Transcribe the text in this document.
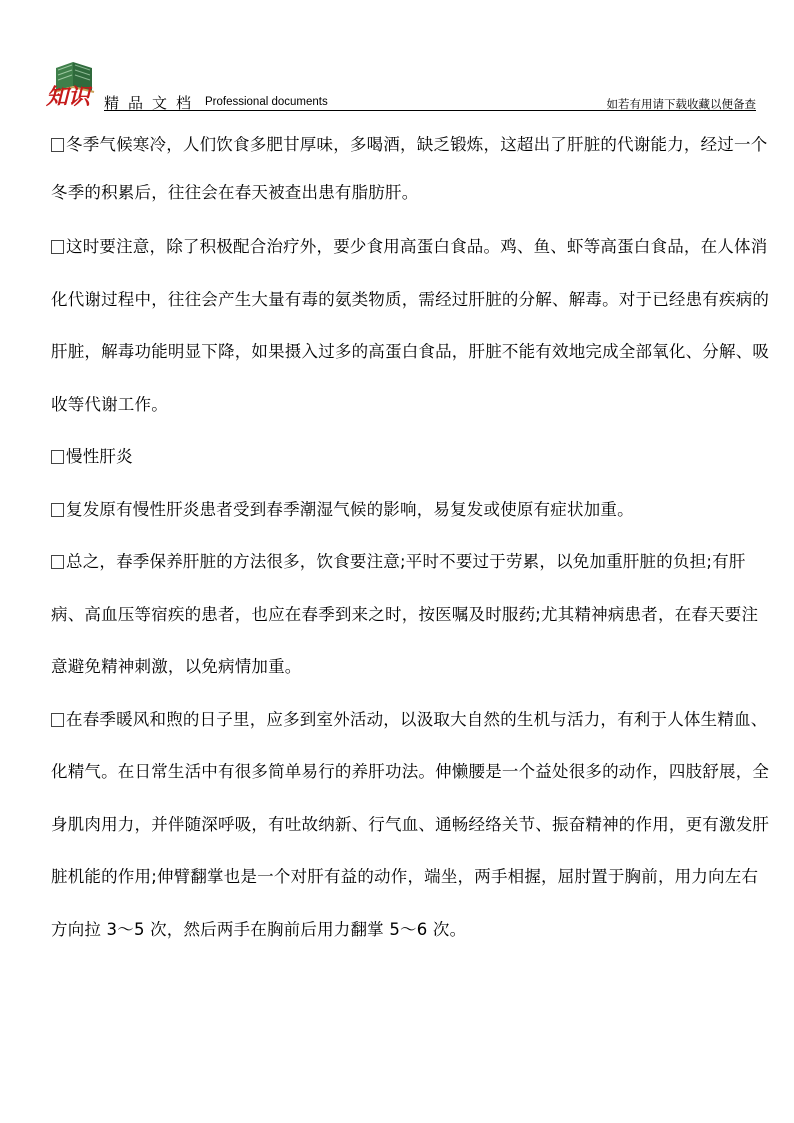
知识 精品文档 Professional documents	如若有用请下载收藏以便备查

冬季气候寒冷，人们饮食多肥甘厚味，多喝酒，缺乏锻炼，这超出了肝脏的代谢能力，经过一个冬季的积累后，往往会在春天被查出患有脂肪肝。

这时要注意，除了积极配合治疗外，要少食用高蛋白食品。鸡、鱼、虾等高蛋白食品，在人体消化代谢过程中，往往会产生大量有毒的氨类物质，需经过肝脏的分解、解毒。对于已经患有疾病的肝脏，解毒功能明显下降，如果摄入过多的高蛋白食品，肝脏不能有效地完成全部氧化、分解、吸收等代谢工作。

慢性肝炎

复发原有慢性肝炎患者受到春季潮湿气候的影响，易复发或使原有症状加重。

总之，春季保养肝脏的方法很多，饮食要注意;平时不要过于劳累，以免加重肝脏的负担;有肝病、高血压等宿疾的患者，也应在春季到来之时，按医嘱及时服药;尤其精神病患者，在春天要注意避免精神刺激，以免病情加重。

在春季暖风和煦的日子里，应多到室外活动，以汲取大自然的生机与活力，有利于人体生精血、化精气。在日常生活中有很多简单易行的养肝功法。伸懒腰是一个益处很多的动作，四肢舒展，全身肌肉用力，并伴随深呼吸，有吐故纳新、行气血、通畅经络关节、振奋精神的作用，更有激发肝脏机能的作用;伸臂翻掌也是一个对肝有益的动作，端坐，两手相握，屈肘置于胸前，用力向左右方向拉 3～5 次，然后两手在胸前后用力翻掌 5～6 次。
